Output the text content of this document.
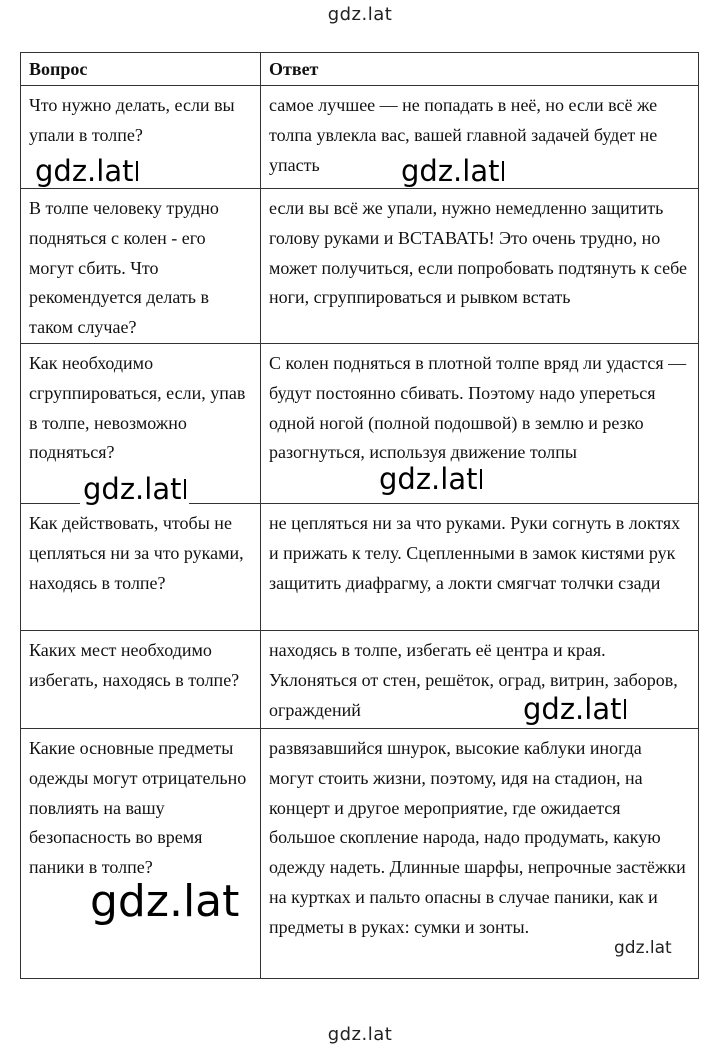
gdz.lat
Вопрос	Ответ
Что нужно делать, если вы упали в толпе?	самое лучшее — не попадать в неё, но если всё же толпа увлекла вас, вашей главной задачей будет не упасть
В толпе человеку трудно подняться с колен - его могут сбить. Что рекомендуется делать в таком случае?	если вы всё же упали, нужно немедленно защитить голову руками и ВСТАВАТЬ! Это очень трудно, но может получиться, если попробовать подтянуть к себе ноги, сгруппироваться и рывком встать
Как необходимо сгруппироваться, если, упав в толпе, невозможно подняться?	С колен подняться в плотной толпе вряд ли удастся — будут постоянно сбивать. Поэтому надо упереться одной ногой (полной подошвой) в землю и резко разогнуться, используя движение толпы
Как действовать, чтобы не цепляться ни за что руками, находясь в толпе?	не цепляться ни за что руками. Руки согнуть в локтях и прижать к телу. Сцепленными в замок кистями рук защитить диафрагму, а локти смягчат толчки сзади
Каких мест необходимо избегать, находясь в толпе?	находясь в толпе, избегать её центра и края. Уклоняться от стен, решёток, оград, витрин, заборов, ограждений
Какие основные предметы одежды могут отрицательно повлиять на вашу безопасность во время паники в толпе?	развязавшийся шнурок, высокие каблуки иногда могут стоить жизни, поэтому, идя на стадион, на концерт и другое мероприятие, где ожидается большое скопление народа, надо продумать, какую одежду надеть. Длинные шарфы, непрочные застёжки на куртках и пальто опасны в случае паники, как и предметы в руках: сумки и зонты.
gdz.lat	gdz.lat
gdz.lat	gdz.lat
gdz.lat
gdz.lat
gdz.lat
gdz.lat
